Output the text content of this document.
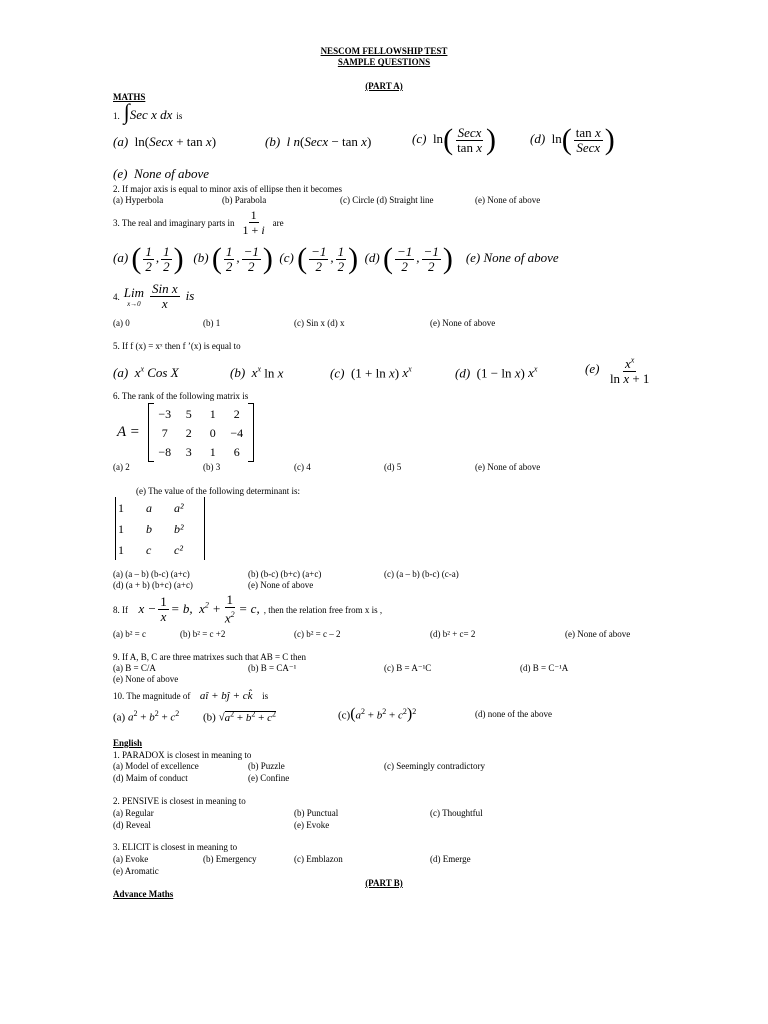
NESCOM FELLOWSHIP TEST
SAMPLE QUESTIONS
(PART A)
MATHS
1. ∫Sec x dx is
(a)  ln(Secx + tan x)	(b) l n(Secx − tan x)	(c)  $\ln( \frac{\text{Secx}}{\text{tan x}}$ )	(d)  $\ln( \frac{\text{tan x}}{\text{Secx}}$ )
(e) None of above
2. If major axis is equal to minor axis of ellipse then it becomes
(a) Hyperbola	(b) Parabola	(c) Circle (d) Straight line	(e) None of above
3. The real and imaginary parts in $\frac{1}{1 + i}$ are
(a) ( $\frac{1}{2}$ , $\frac{1}{2}$ )   (b) ( $\frac{1}{2}$ , $\frac{-1}{2}$ )  (c) ( $\frac{-1}{2}$ , $\frac{1}{2}$ )  (d) ( $\frac{-1}{2}$ , $\frac{-1}{2}$ )    (e) None of above
4. Lim
x→0
$\frac{\text{Sin x}}{x}$ is
(a) 0	(b) 1	(c) Sin x (d) x	(e) None of above
5. If f (x) = xˣ then f ’(x) is equal to
(a)  $x^x$ Cos X	(b)  $x^x$ ln x	(c)  (1 + ln x) $x^x$	(d)  (1 − ln x) $x^x$	$(e) \frac{x^x}{\text{ln x + 1}}$
6. The rank of the following matrix is
A =
−3	5	1	2
7	2	0	−4
−8	3	1	6
(a) 2	(b) 3	(c) 4	(d) 5	(e) None of above
(e) The value of the following determinant is:
1	a	a²
1	b	b²
1	c	c²
(a) (a – b) (b-c) (a+c)	(b) (b-c) (b+c) (a+c)	(c) (a – b) (b-c) (c-a)
(d) (a + b) (b+c) (a+c)	(e) None of above
8. If   $x - \frac{1}{x} = b$,  $x^2 + \frac{1}{x^2} = c$, , then the relation free from x is ,
(a) b² = c	(b) b² = c +2	(c) b² = c – 2	(d) b² + c= 2	(e) None of above
9. If A, B, C are three matrixes such that AB = C then
(a) B = C/A	(b) B = CA⁻¹	(c) B = A⁻¹C	(d) B = C⁻¹A
(e) None of above
10. The magnitude of   aî + bĵ + ck̂   is
(a) $a^2 + b^2 + c^2$ (b) $√a^2 + b^2 + c^2$	$(c)(a^2 + b^2 + c^2)^2$	(d) none of the above
English
1. PARADOX is closest in meaning to
(a) Model of excellence	(b) Puzzle	(c) Seemingly contradictory
(d) Maim of conduct	(e) Confine
2. PENSIVE is closest in meaning to
(a) Regular	(b) Punctual	(c) Thoughtful
(d) Reveal	(e) Evoke
3. ELICIT is closest in meaning to
(a) Evoke	(b) Emergency	(c) Emblazon	(d) Emerge
(e) Aromatic
(PART B)
Advance Maths
